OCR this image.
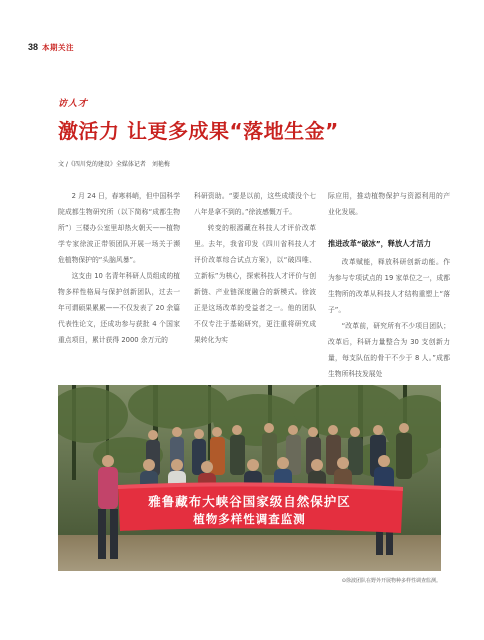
38 本期关注
访人才
激活力 让更多成果“落地生金”
文 /《四川党的建设》全媒体记者　刘艳梅

2 月 24 日，春寒料峭，但中国科学院成都生物研究所（以下简称“成都生物所”）三楼办公室里却热火朝天——植物学专家徐波正带领团队开展一场关于濒危植物保护的“头脑风暴”。

这支由 10 名青年科研人员组成的植物多样性格局与保护创新团队，过去一年可谓硕果累累——不仅发表了 20 余篇代表性论文，还成功参与获批 4 个国家重点项目，累计获得 2000 余万元的

科研资助。“要是以前，这些成绩没个七八年是拿不到的。”徐波感慨万千。

转变的根源藏在科技人才评价改革里。去年，我省印发《四川省科技人才评价改革综合试点方案》，以“破四唯、立新标”为核心，探索科技人才评价与创新链、产业链深度融合的新模式。徐波正是这场改革的受益者之一。他的团队不仅专注于基础研究，更注重将研究成果转化为实

际应用，推动植物保护与资源利用的产业化发展。

推进改革“破冰”，释放人才活力

改革赋能，释放科研创新动能。作为参与专项试点的 19 家单位之一，成都生物所的改革从科技人才结构重塑上“落子”。

“改革前，研究所有不少项目团队；改革后，科研力量整合为 30 支创新力量，每支队伍的骨干不少于 8 人。”成都生物所科技发展处

雅鲁藏布大峡谷国家级自然保护区
植物多样性调查监测
⊙徐波团队在野外开展物种多样性调查监测。
